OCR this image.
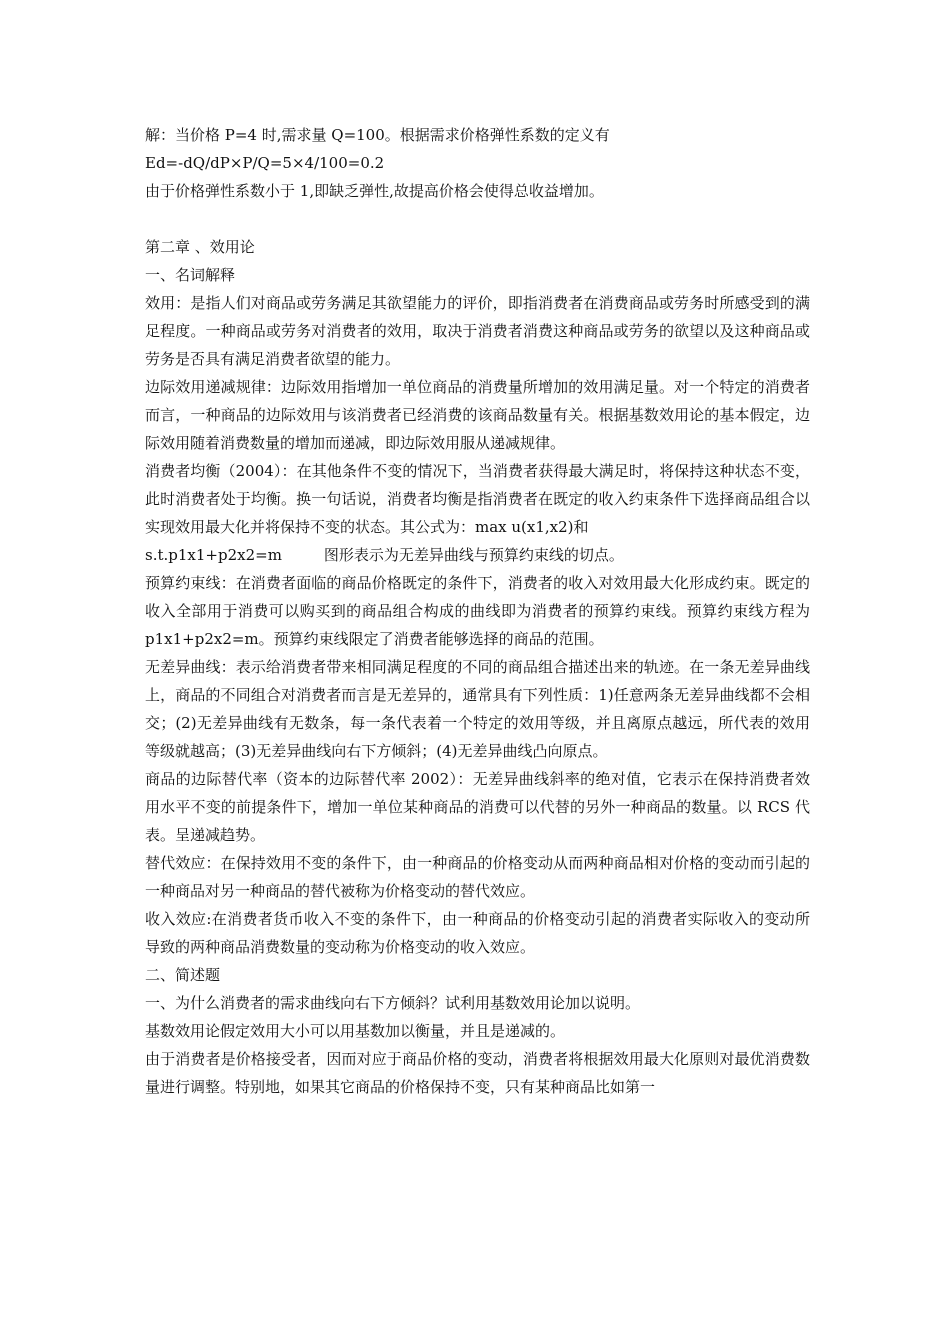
解：当价格 P=4 时,需求量 Q=100。根据需求价格弹性系数的定义有

Ed=-dQ/dP×P/Q=5×4/100=0.2

由于价格弹性系数小于 1,即缺乏弹性,故提高价格会使得总收益增加。

第二章 、效用论

一、名词解释

效用：是指人们对商品或劳务满足其欲望能力的评价，即指消费者在消费商品或劳务时所感受到的满足程度。一种商品或劳务对消费者的效用，取决于消费者消费这种商品或劳务的欲望以及这种商品或劳务是否具有满足消费者欲望的能力。

边际效用递减规律：边际效用指增加一单位商品的消费量所增加的效用满足量。对一个特定的消费者而言，一种商品的边际效用与该消费者已经消费的该商品数量有关。根据基数效用论的基本假定，边际效用随着消费数量的增加而递减，即边际效用服从递减规律。

消费者均衡（2004）：在其他条件不变的情况下，当消费者获得最大满足时，将保持这种状态不变，此时消费者处于均衡。换一句话说，消费者均衡是指消费者在既定的收入约束条件下选择商品组合以实现效用最大化并将保持不变的状态。其公式为：max u(x1,x2)和

s.t.p1x1+p2x2=m	图形表示为无差异曲线与预算约束线的切点。

预算约束线：在消费者面临的商品价格既定的条件下，消费者的收入对效用最大化形成约束。既定的收入全部用于消费可以购买到的商品组合构成的曲线即为消费者的预算约束线。预算约束线方程为 p1x1+p2x2=m。预算约束线限定了消费者能够选择的商品的范围。

无差异曲线：表示给消费者带来相同满足程度的不同的商品组合描述出来的轨迹。在一条无差异曲线上，商品的不同组合对消费者而言是无差异的，通常具有下列性质：1)任意两条无差异曲线都不会相交；(2)无差异曲线有无数条，每一条代表着一个特定的效用等级，并且离原点越远，所代表的效用等级就越高；(3)无差异曲线向右下方倾斜；(4)无差异曲线凸向原点。

商品的边际替代率（资本的边际替代率 2002）：无差异曲线斜率的绝对值，它表示在保持消费者效用水平不变的前提条件下，增加一单位某种商品的消费可以代替的另外一种商品的数量。以 RCS 代表。呈递减趋势。

替代效应：在保持效用不变的条件下，由一种商品的价格变动从而两种商品相对价格的变动而引起的一种商品对另一种商品的替代被称为价格变动的替代效应。

收入效应:在消费者货币收入不变的条件下，由一种商品的价格变动引起的消费者实际收入的变动所导致的两种商品消费数量的变动称为价格变动的收入效应。

二、简述题

一、为什么消费者的需求曲线向右下方倾斜？试利用基数效用论加以说明。

基数效用论假定效用大小可以用基数加以衡量，并且是递减的。

由于消费者是价格接受者，因而对应于商品价格的变动，消费者将根据效用最大化原则对最优消费数量进行调整。特别地，如果其它商品的价格保持不变，只有某种商品比如第一
